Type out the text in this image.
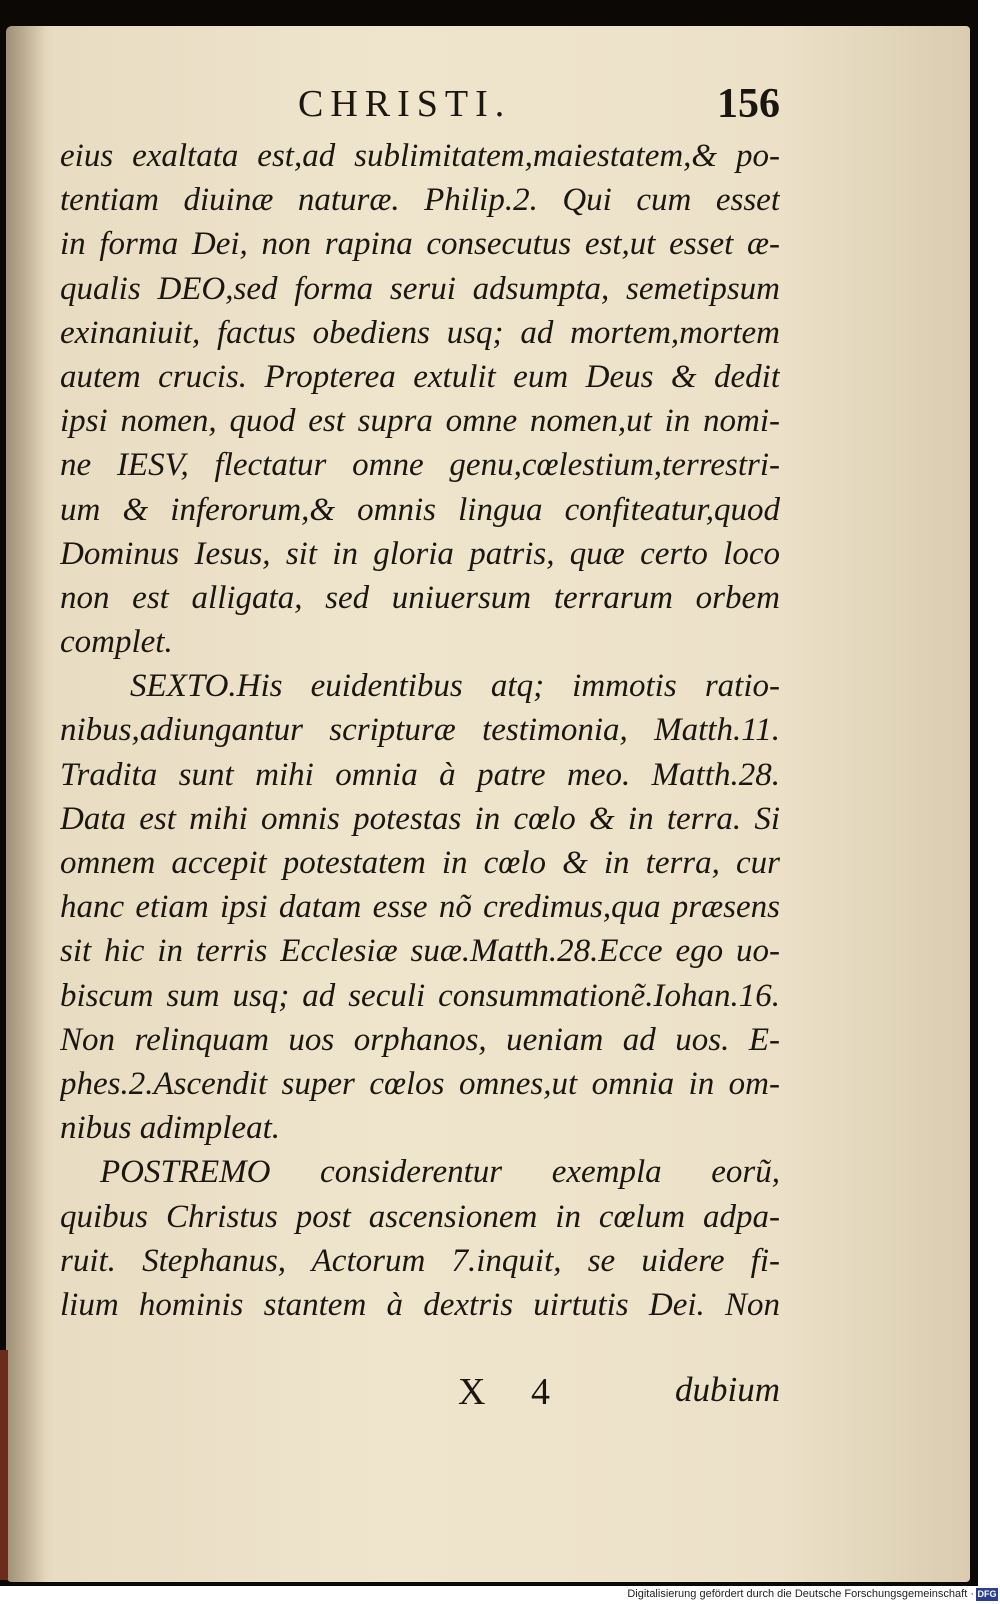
CHRISTI.	156
eius exaltata est,ad sublimitatem,maiestatem,& po-
tentiam diuinæ naturæ. Philip.2. Qui cum esset
in forma Dei, non rapina consecutus est,ut esset æ-
qualis DEO,sed forma serui adsumpta, semetipsum
exinaniuit, factus obediens usq; ad mortem,mortem
autem crucis. Propterea extulit eum Deus & dedit
ipsi nomen, quod est supra omne nomen,ut in nomi-
ne IESV, flectatur omne genu,cœlestium,terrestri-
um & inferorum,& omnis lingua confiteatur,quod
Dominus Iesus, sit in gloria patris, quæ certo loco
non est alligata, sed uniuersum terrarum orbem
complet.
SEXTO.His euidentibus atq; immotis ratio-
nibus,adiungantur scripturæ testimonia, Matth.11.
Tradita sunt mihi omnia à patre meo. Matth.28.
Data est mihi omnis potestas in cœlo & in terra. Si
omnem accepit potestatem in cœlo & in terra, cur
hanc etiam ipsi datam esse nõ credimus,qua præsens
sit hic in terris Ecclesiæ suæ.Matth.28.Ecce ego uo-
biscum sum usq; ad seculi consummationẽ.Iohan.16.
Non relinquam uos orphanos, ueniam ad uos. E-
phes.2.Ascendit super cœlos omnes,ut omnia in om-
nibus adimpleat.
POSTREMO considerentur exempla eorũ,
quibus Christus post ascensionem in cœlum adpa-
ruit. Stephanus, Actorum 7.inquit, se uidere fi-
lium hominis stantem à dextris uirtutis Dei. Non
X 4	dubium
Digitalisierung gefördert durch die Deutsche Forschungsgemeinschaft · DFG
